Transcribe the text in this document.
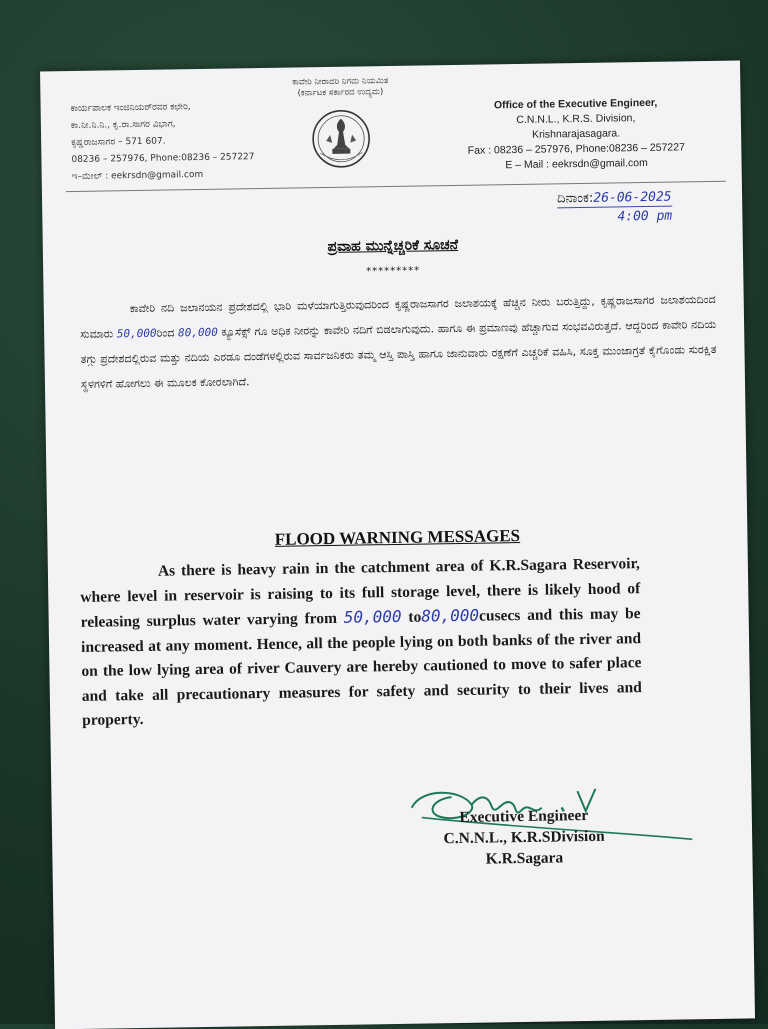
ಕಾರ್ಯಪಾಲಕ ಇಂಜಿನಿಯರ್‌ರವರ ಕಛೇರಿ,
ಕಾ.ನೀ.ನಿ.ನಿ., ಕೃ.ರಾ.ಸಾಗರ ವಿಭಾಗ,
ಕೃಷ್ಣರಾಜಸಾಗರ – 571 607.
08236 – 257976, Phone:08236 – 257227
ಇ–ಮೇಲ್ : eekrsdn@gmail.com
ಕಾವೇರಿ ನೀರಾವರಿ ನಿಗಮ ನಿಯಮಿತ
(ಕರ್ನಾಟಕ ಸರ್ಕಾರದ ಉದ್ಯಮ)
Office of the Executive Engineer,
C.N.N.L., K.R.S. Division,
Krishnarajasagara.
Fax : 08236 – 257976, Phone:08236 – 257227
E – Mail : eekrsdn@gmail.com
ದಿನಾಂಕ:26-06-2025
4:00 pm
ಪ್ರವಾಹ ಮುನ್ನೆಚ್ಚರಿಕೆ ಸೂಚನೆ
*********
ಕಾವೇರಿ ನದಿ ಜಲಾನಯನ ಪ್ರದೇಶದಲ್ಲಿ ಭಾರಿ ಮಳೆಯಾಗುತ್ತಿರುವುದರಿಂದ ಕೃಷ್ಣರಾಜಸಾಗರ ಜಲಾಶಯಕ್ಕೆ ಹೆಚ್ಚಿನ ನೀರು ಬರುತ್ತಿದ್ದು, ಕೃಷ್ಣರಾಜಸಾಗರ ಜಲಾಶಯದಿಂದ ಸುಮಾರು 50,000ರಿಂದ 80,000 ಕ್ಯೂಸೆಕ್ಸ್ ಗೂ ಅಧಿಕ ನೀರನ್ನು ಕಾವೇರಿ ನದಿಗೆ ಬಿಡಲಾಗುವುದು. ಹಾಗೂ ಈ ಪ್ರಮಾಣವು ಹೆಚ್ಚಾಗುವ ಸಂಭವವಿರುತ್ತದೆ. ಆದ್ದರಿಂದ ಕಾವೇರಿ ನದಿಯ ತಗ್ಗು ಪ್ರದೇಶದಲ್ಲಿರುವ ಮತ್ತು ನದಿಯ ಎರಡೂ ದಂಡೆಗಳಲ್ಲಿರುವ ಸಾರ್ವಜನಿಕರು ತಮ್ಮ ಆಸ್ತಿ ಪಾಸ್ತಿ ಹಾಗೂ ಜಾನುವಾರು ರಕ್ಷಣೆಗೆ ಎಚ್ಚರಿಕೆ ವಹಿಸಿ, ಸೂಕ್ತ ಮುಂಜಾಗ್ರತೆ ಕೈಗೊಂಡು ಸುರಕ್ಷಿತ ಸ್ಥಳಗಳಿಗೆ ಹೋಗಲು ಈ ಮೂಲಕ ಕೋರಲಾಗಿದೆ.
FLOOD WARNING MESSAGES
As there is heavy rain in the catchment area of K.R.Sagara Reservoir, where level in reservoir is raising to its full storage level, there is likely hood of releasing surplus water varying from 50,000 to80,000cusecs and this may be increased at any moment. Hence, all the people lying on both banks of the river and on the low lying area of river Cauvery are hereby cautioned to move to safer place and take all precautionary measures for safety and security to their lives and property.
Executive Engineer
C.N.N.L., K.R.SDivision
K.R.Sagara
